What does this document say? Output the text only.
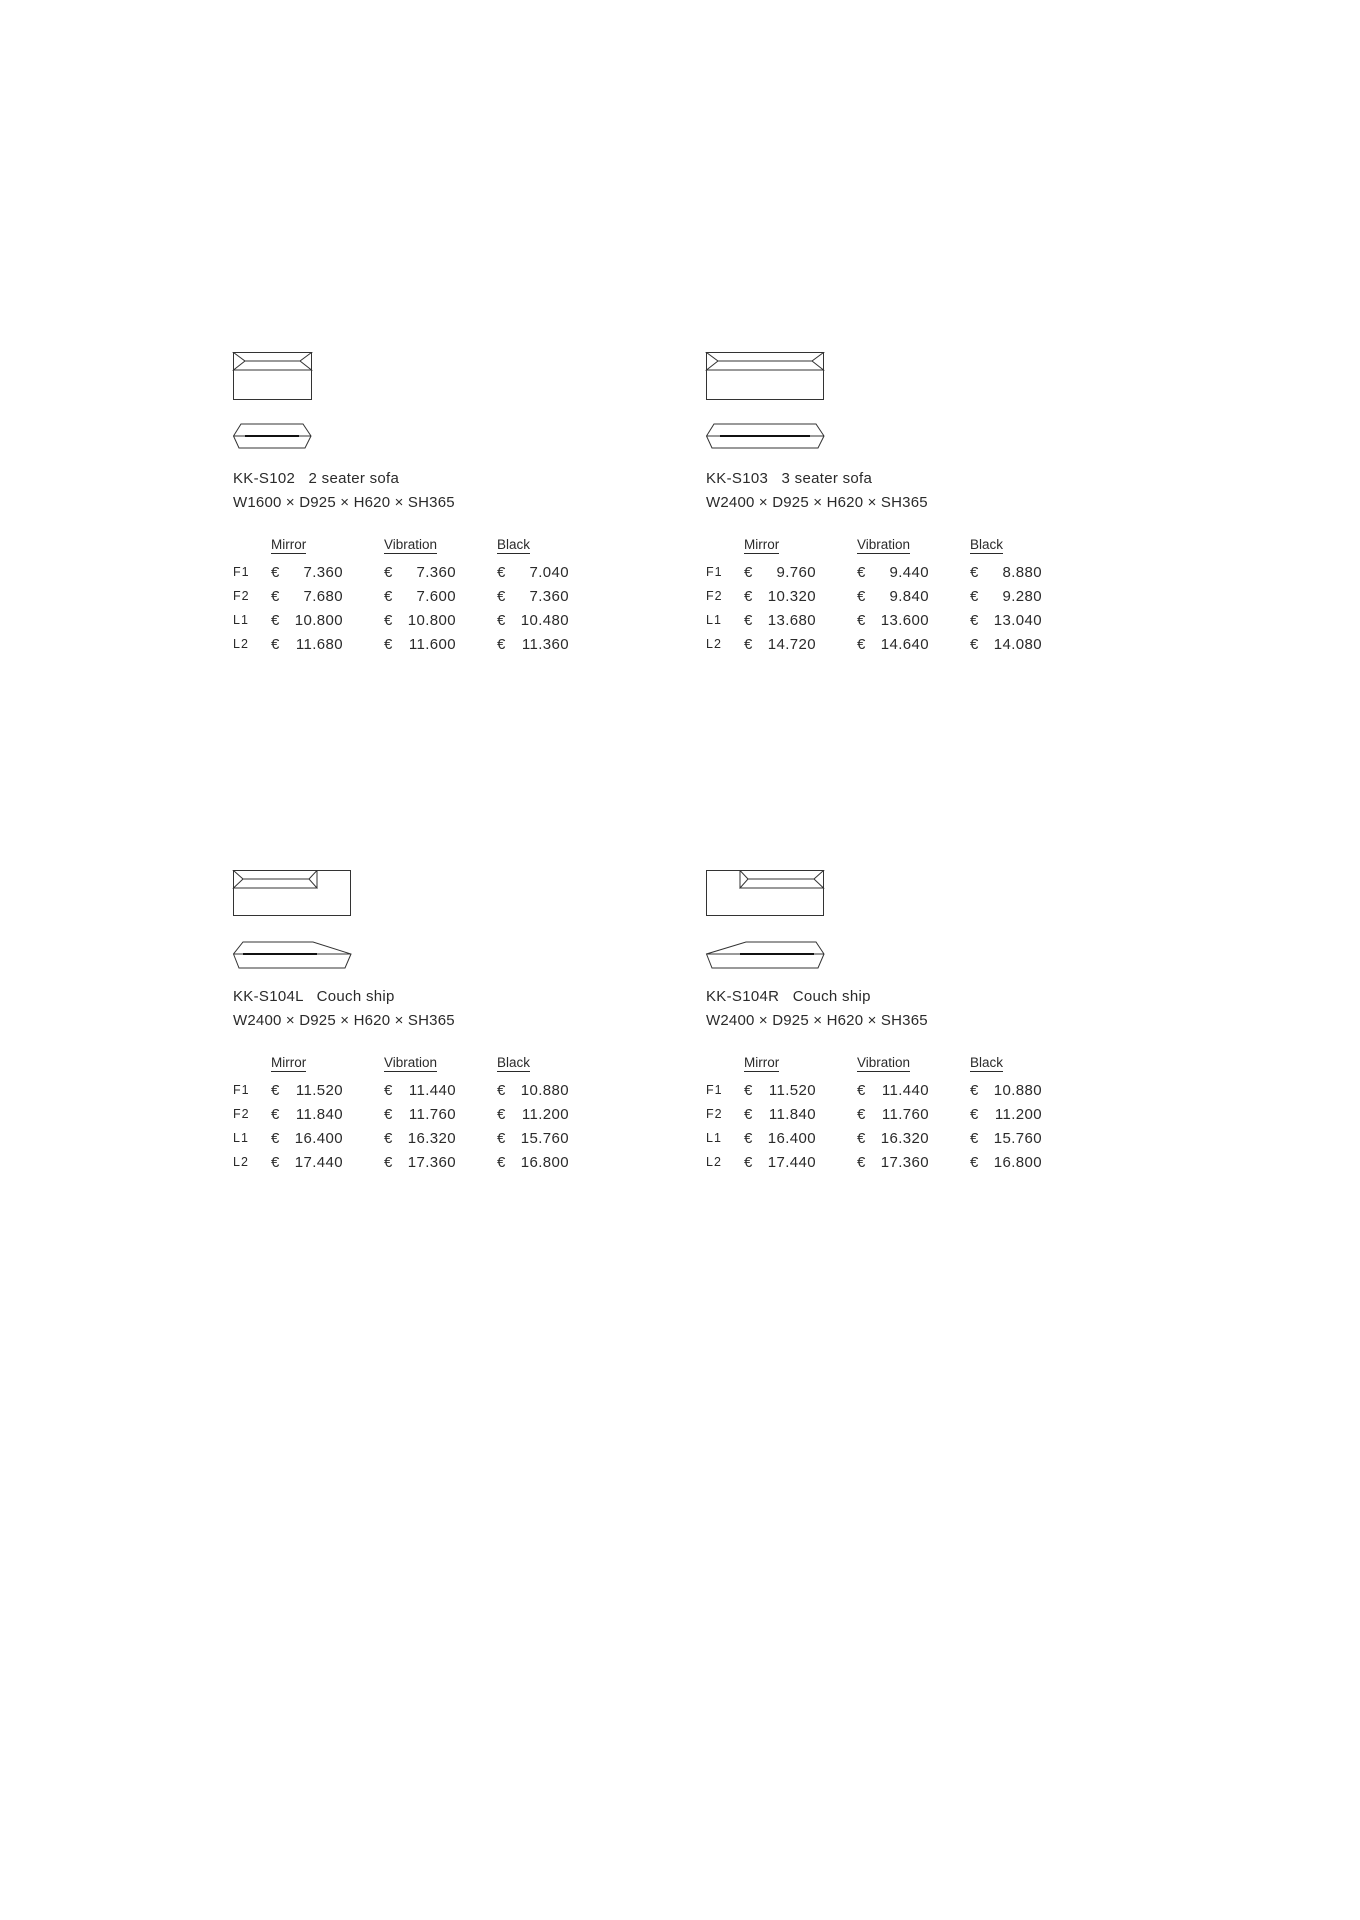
KK-S102 2 seater sofa
W1600 × D925 × H620 × SH365
	Mirror	Vibration	Black
F1	€ 7.360	€ 7.360	€ 7.040
F2	€ 7.680	€ 7.600	€ 7.360
L1	€ 10.800	€ 10.800	€ 10.480
L2	€ 11.680	€ 11.600	€ 11.360
KK-S103 3 seater sofa
W2400 × D925 × H620 × SH365
	Mirror	Vibration	Black
F1	€ 9.760	€ 9.440	€ 8.880
F2	€ 10.320	€ 9.840	€ 9.280
L1	€ 13.680	€ 13.600	€ 13.040
L2	€ 14.720	€ 14.640	€ 14.080
KK-S104L Couch ship
W2400 × D925 × H620 × SH365
	Mirror	Vibration	Black
F1	€ 11.520	€ 11.440	€ 10.880
F2	€ 11.840	€ 11.760	€ 11.200
L1	€ 16.400	€ 16.320	€ 15.760
L2	€ 17.440	€ 17.360	€ 16.800
KK-S104R Couch ship
W2400 × D925 × H620 × SH365
	Mirror	Vibration	Black
F1	€ 11.520	€ 11.440	€ 10.880
F2	€ 11.840	€ 11.760	€ 11.200
L1	€ 16.400	€ 16.320	€ 15.760
L2	€ 17.440	€ 17.360	€ 16.800
